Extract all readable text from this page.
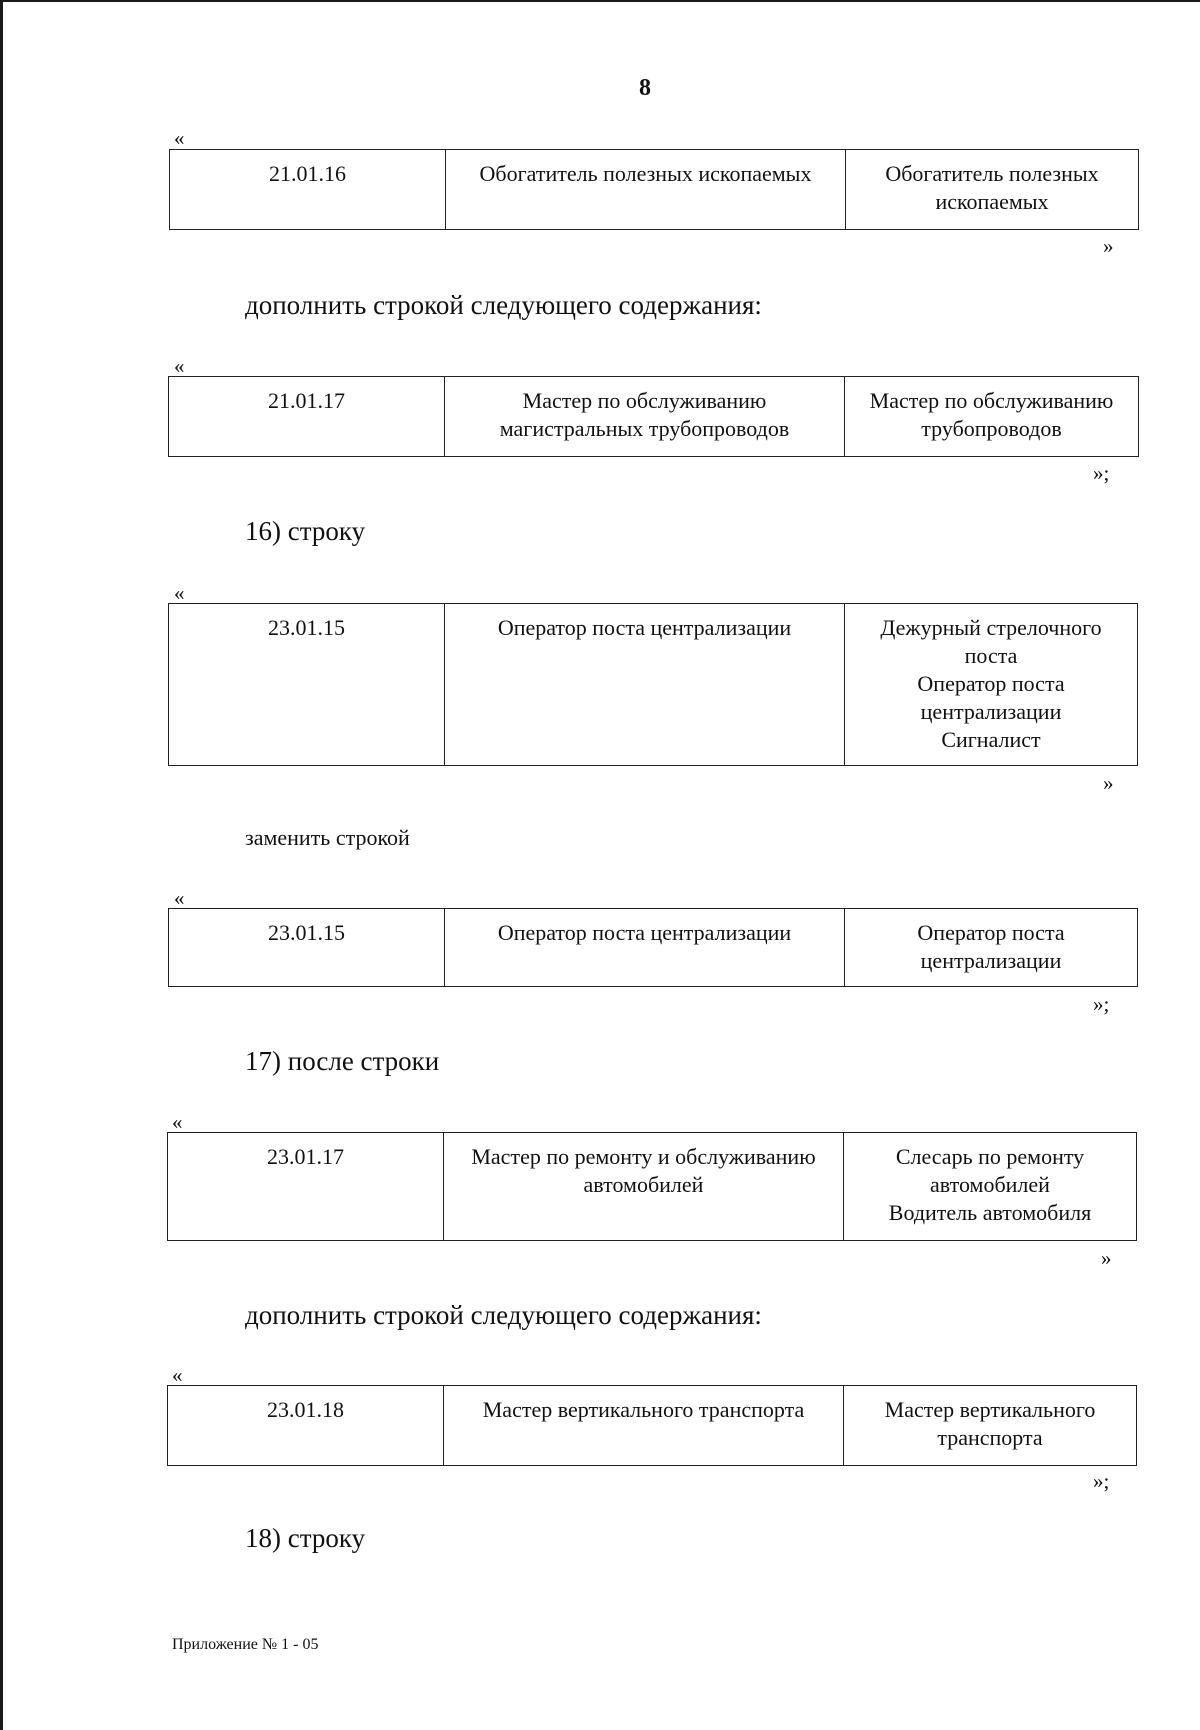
8
«
21.01.16	Обогатитель полезных ископаемых	Обогатитель полезных
ископаемых
»
дополнить строкой следующего содержания:
«
21.01.17	Мастер по обслуживанию
магистральных трубопроводов	Мастер по обслуживанию
трубопроводов
»;
16) строку
«
23.01.15	Оператор поста централизации	Дежурный стрелочного
поста
Оператор поста
централизации
Сигналист
»
заменить строкой
«
23.01.15	Оператор поста централизации	Оператор поста
централизации
»;
17) после строки
«
23.01.17	Мастер по ремонту и обслуживанию
автомобилей	Слесарь по ремонту
автомобилей
Водитель автомобиля
»
дополнить строкой следующего содержания:
«
23.01.18	Мастер вертикального транспорта	Мастер вертикального
транспорта
»;
18) строку
Приложение № 1 - 05
